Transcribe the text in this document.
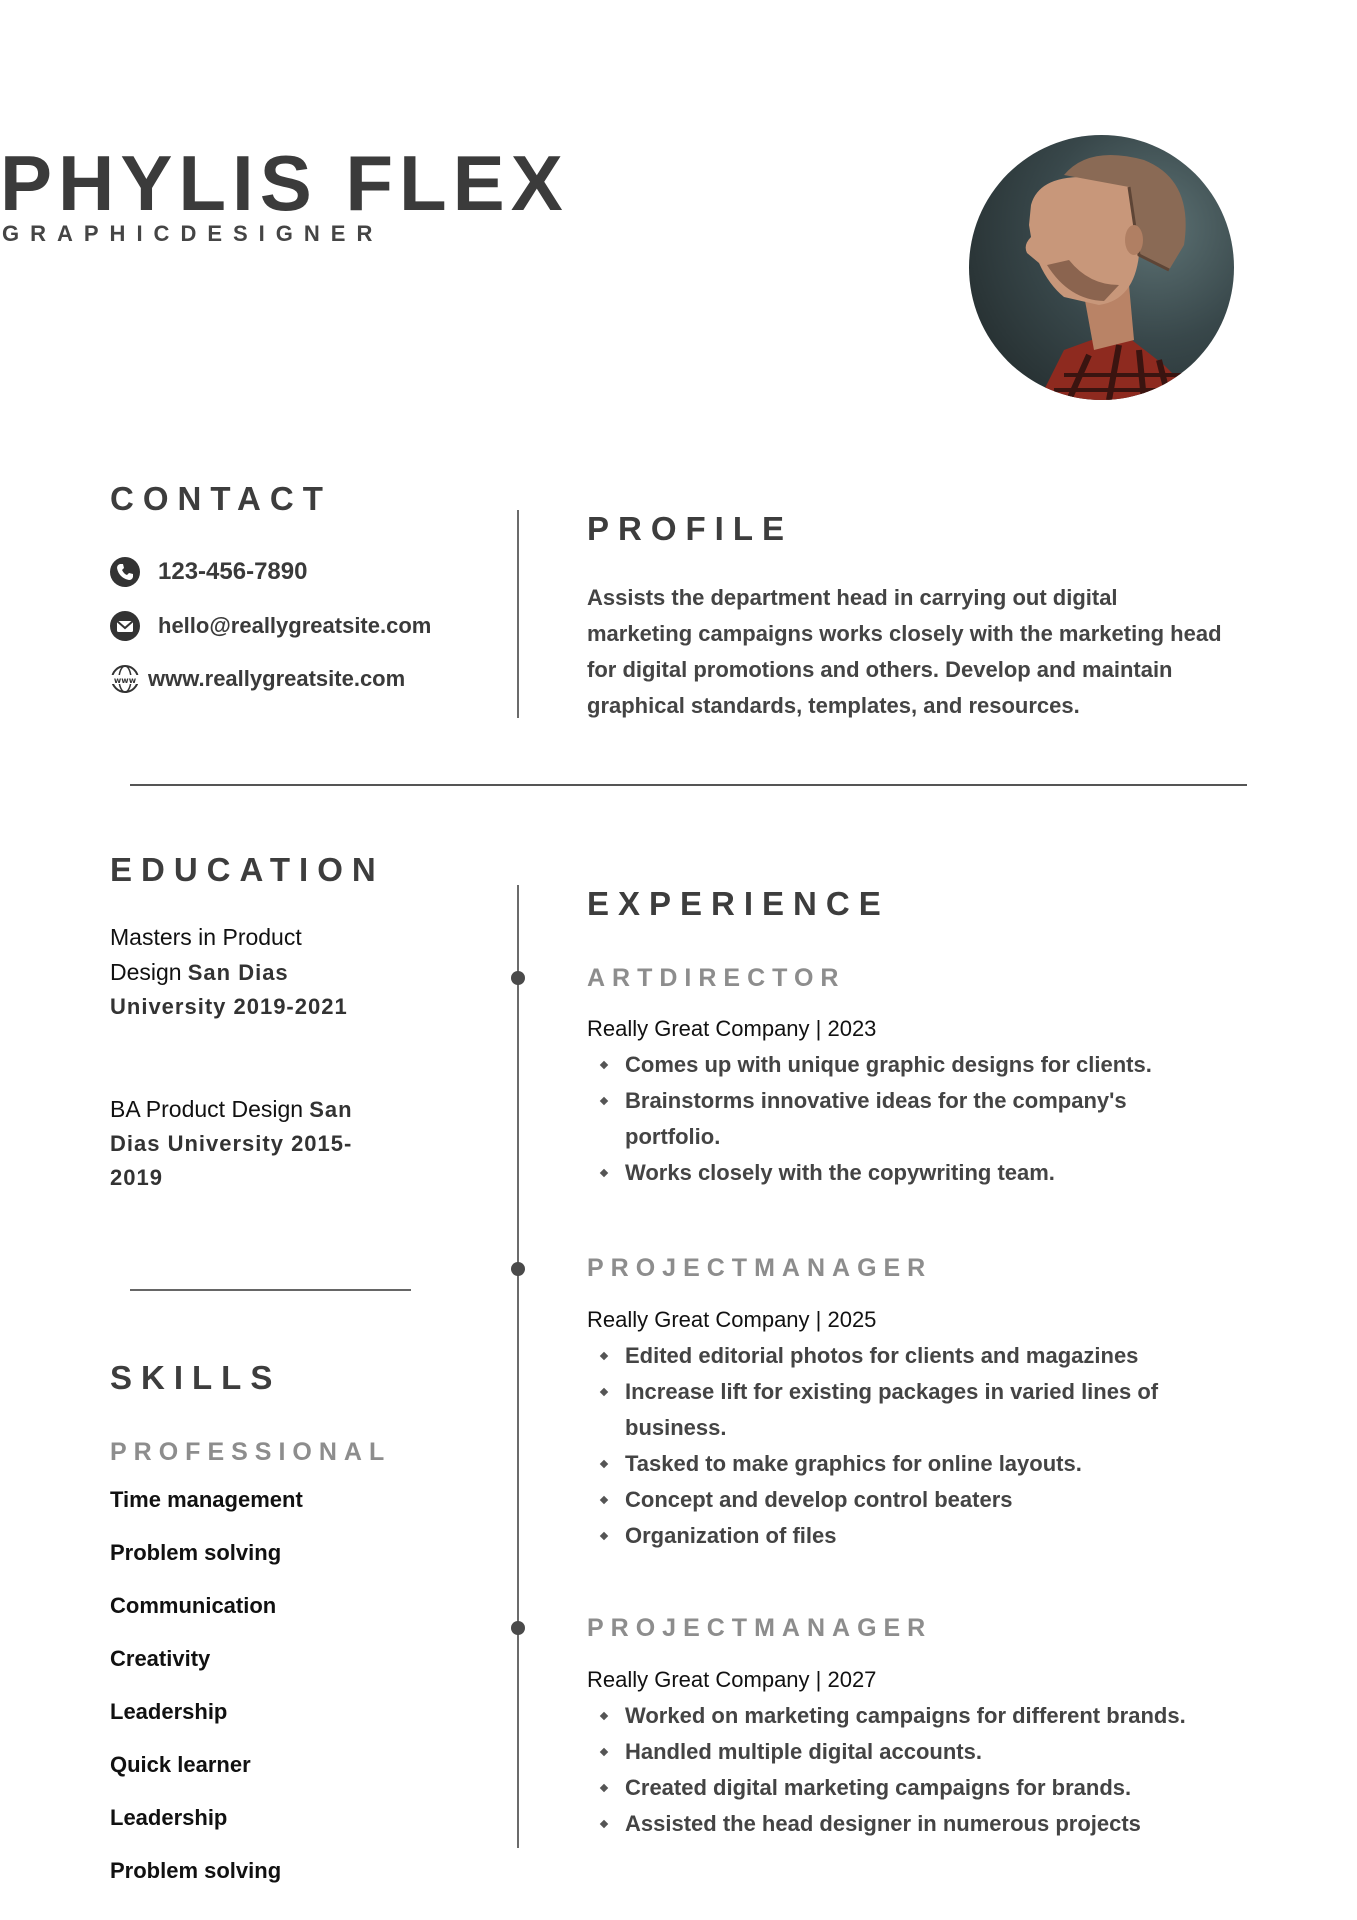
PHYLIS FLEX
GRAPHICDESIGNER
CONTACT
123-456-7890
hello@reallygreatsite.com
www www.reallygreatsite.com
PROFILE
Assists the department head in carrying out digital marketing campaigns works closely with the marketing head for digital promotions and others. Develop and maintain graphical standards, templates, and resources.
EDUCATION
Masters in Product Design San Dias University 2019-2021
BA Product Design San Dias University 2015-2019
SKILLS
PROFESSIONAL
Time management
Problem solving
Communication
Creativity
Leadership
Quick learner
Leadership
Problem solving
EXPERIENCE
ARTDIRECTOR
Really Great Company | 2023
Comes up with unique graphic designs for clients.
Brainstorms innovative ideas for the company's portfolio.
Works closely with the copywriting team.
PROJECTMANAGER
Really Great Company | 2025
Edited editorial photos for clients and magazines
Increase lift for existing packages in varied lines of business.
Tasked to make graphics for online layouts.
Concept and develop control beaters
Organization of files
PROJECTMANAGER
Really Great Company | 2027
Worked on marketing campaigns for different brands.
Handled multiple digital accounts.
Created digital marketing campaigns for brands.
Assisted the head designer in numerous projects
